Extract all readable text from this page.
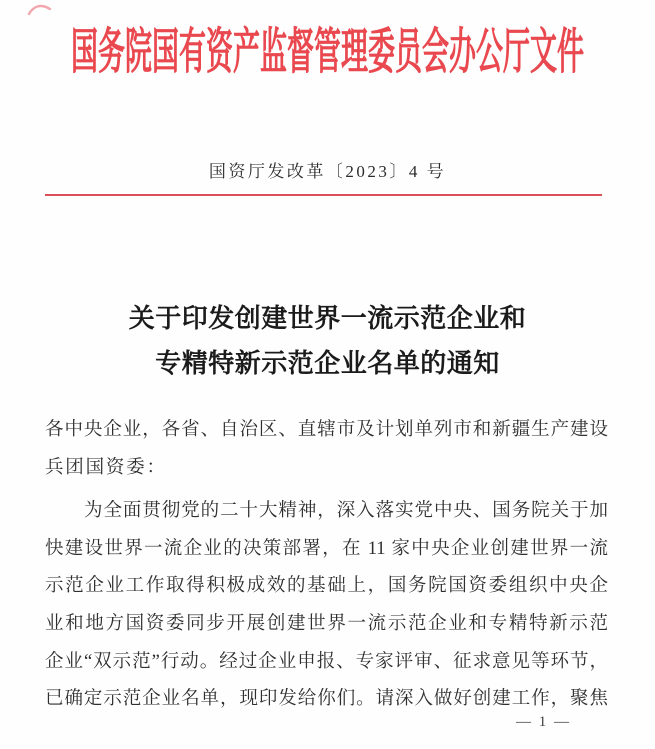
国务院国有资产监督管理委员会办公厅文件
国资厅发改革〔2023〕4 号
关于印发创建世界一流示范企业和
专精特新示范企业名单的通知
各中央企业，各省、自治区、直辖市及计划单列市和新疆生产建设
兵团国资委：
为全面贯彻党的二十大精神，深入落实党中央、国务院关于加
快建设世界一流企业的决策部署，在 11 家中央企业创建世界一流
示范企业工作取得积极成效的基础上，国务院国资委组织中央企
业和地方国资委同步开展创建世界一流示范企业和专精特新示范
企业“双示范”行动。经过企业申报、专家评审、征求意见等环节，
已确定示范企业名单，现印发给你们。请深入做好创建工作，聚焦
— 1 —
